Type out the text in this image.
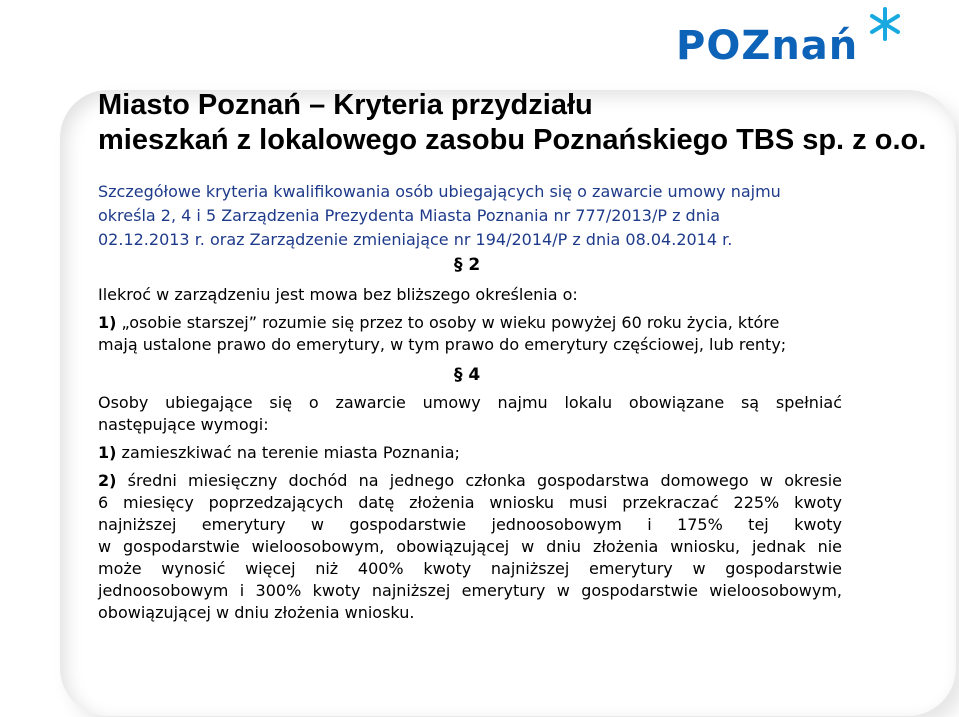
POZnań
Miasto Poznań – Kryteria przydziału
mieszkań z lokalowego zasobu Poznańskiego TBS sp. z o.o.
Szczegółowe kryteria kwalifikowania osób ubiegających się o zawarcie umowy najmu
określa 2, 4 i 5 Zarządzenia Prezydenta Miasta Poznania nr 777/2013/P z dnia
02.12.2013 r. oraz Zarządzenie zmieniające nr 194/2014/P z dnia 08.04.2014 r.
§ 2
Ilekroć w zarządzeniu jest mowa bez bliższego określenia o:
1) „osobie starszej” rozumie się przez to osoby w wieku powyżej 60 roku życia, które
mają ustalone prawo do emerytury, w tym prawo do emerytury częściowej, lub renty;
§ 4
Osoby ubiegające się o zawarcie umowy najmu lokalu obowiązane są spełniać
następujące wymogi:
1) zamieszkiwać na terenie miasta Poznania;
2) średni miesięczny dochód na jednego członka gospodarstwa domowego w okresie
6 miesięcy poprzedzających datę złożenia wniosku musi przekraczać 225% kwoty
najniższej emerytury w gospodarstwie jednoosobowym i 175% tej kwoty
w gospodarstwie wieloosobowym, obowiązującej w dniu złożenia wniosku, jednak nie
może wynosić więcej niż 400% kwoty najniższej emerytury w gospodarstwie
jednoosobowym i 300% kwoty najniższej emerytury w gospodarstwie wieloosobowym,
obowiązującej w dniu złożenia wniosku.
